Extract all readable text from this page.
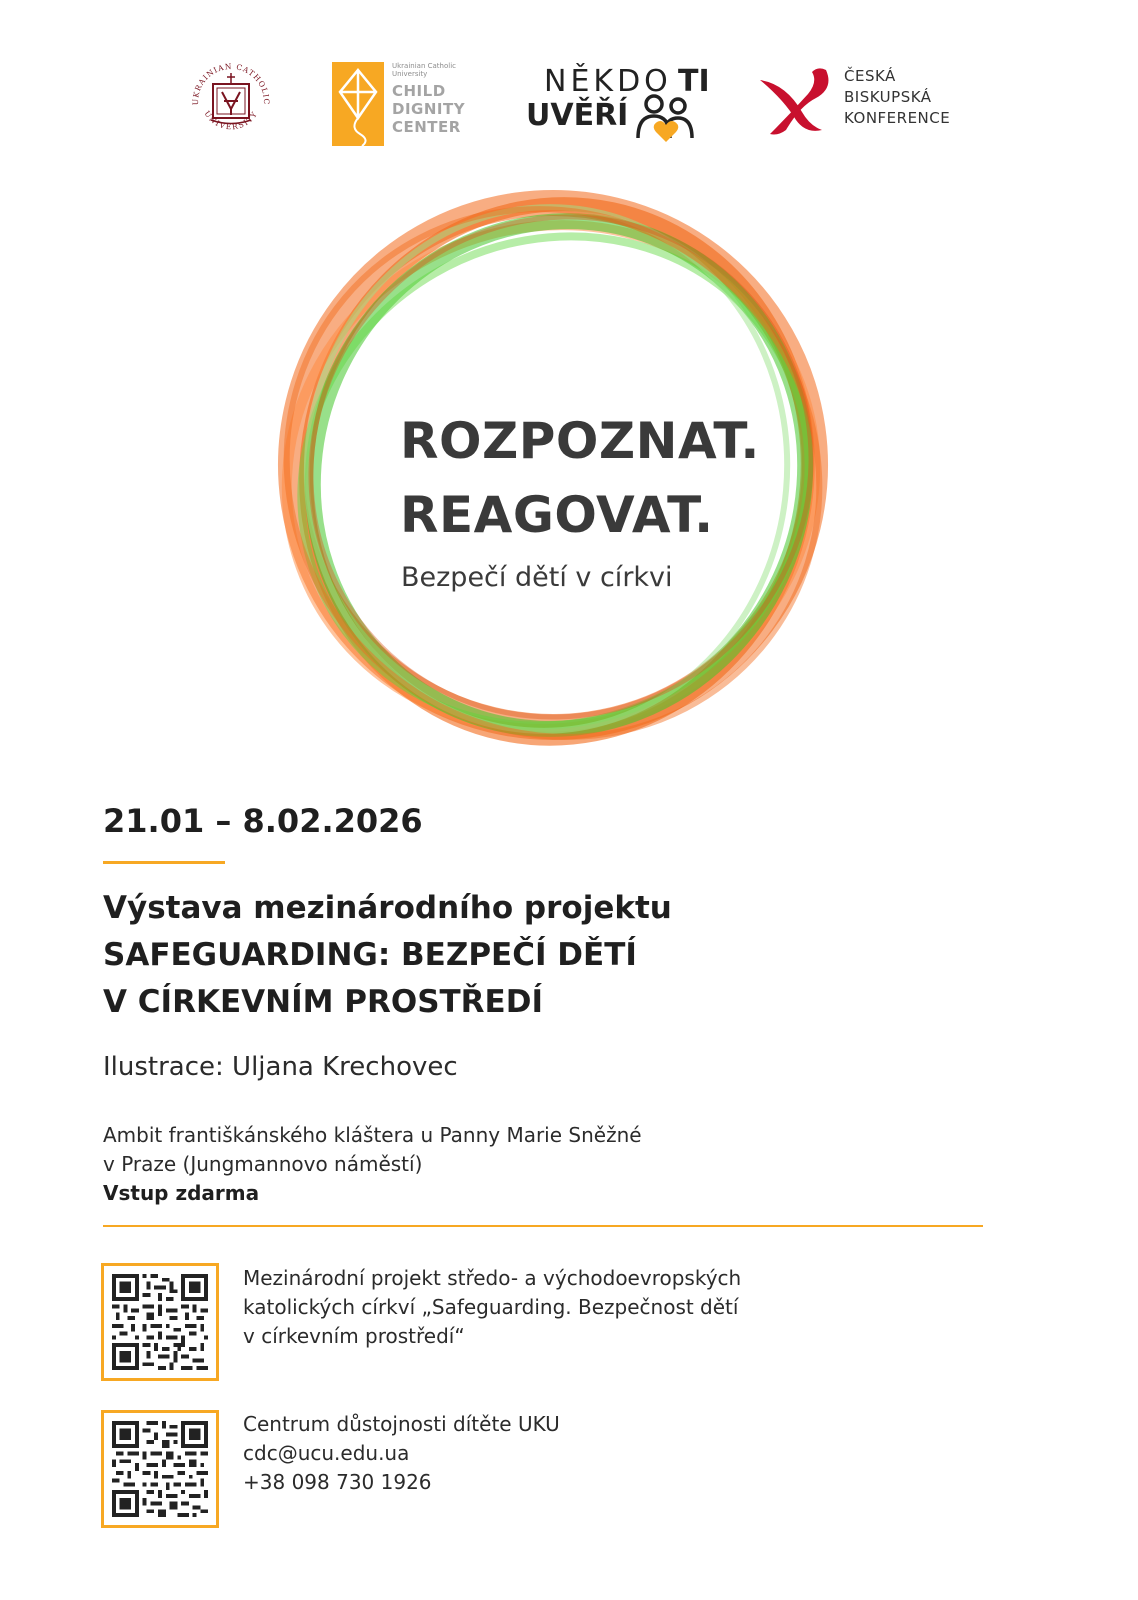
UKRAINIAN CATHOLIC
UNIVERSITY
Ukrainian Catholic
University
CHILD
DIGNITY
CENTER
NĚKDO TI
UVĚŘÍ
ČESKÁ
BISKUPSKÁ
KONFERENCE
ROZPOZNAT.
REAGOVAT.
Bezpečí dětí v církvi
21.01 – 8.02.2026
Výstava mezinárodního projektu
SAFEGUARDING: BEZPEČÍ DĚTÍ
V CÍRKEVNÍM PROSTŘEDÍ
Ilustrace: Uljana Krechovec
Ambit františkánského kláštera u Panny Marie Sněžné
v Praze (Jungmannovo náměstí)
Vstup zdarma
Mezinárodní projekt středo- a východoevropských
katolických církví „Safeguarding. Bezpečnost dětí
v církevním prostředí“
Centrum důstojnosti dítěte UKU
cdc@ucu.edu.ua
+38 098 730 1926
